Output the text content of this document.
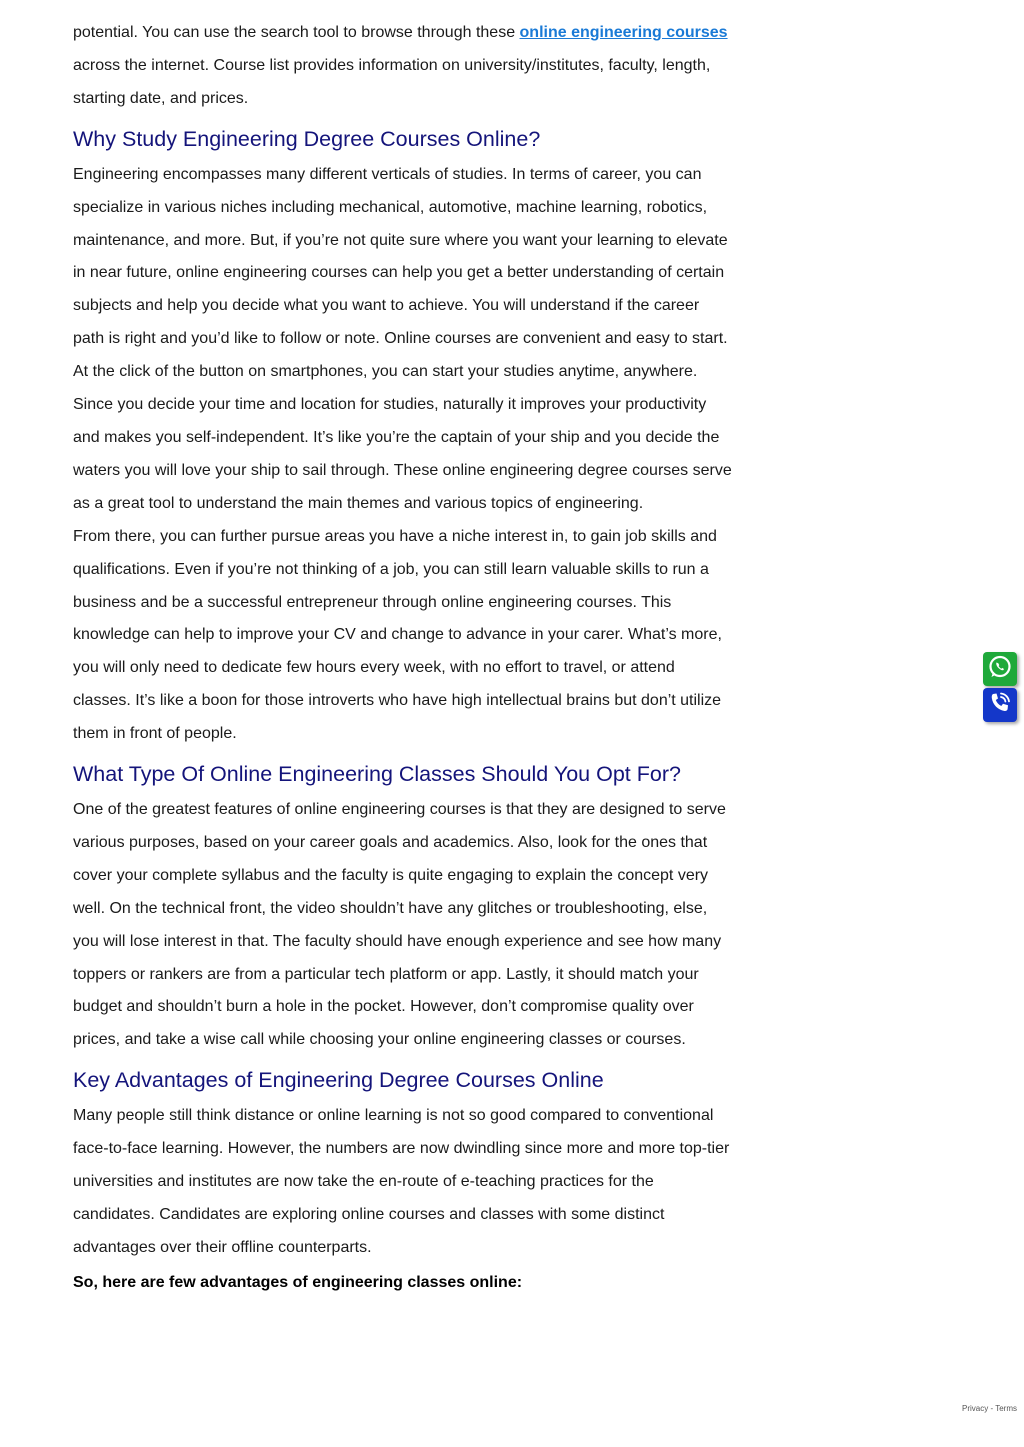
potential. You can use the search tool to browse through these online engineering courses across the internet. Course list provides information on university/institutes, faculty, length, starting date, and prices.

Why Study Engineering Degree Courses Online?

Engineering encompasses many different verticals of studies. In terms of career, you can specialize in various niches including mechanical, automotive, machine learning, robotics, maintenance, and more. But, if you’re not quite sure where you want your learning to elevate in near future, online engineering courses can help you get a better understanding of certain subjects and help you decide what you want to achieve. You will understand if the career path is right and you’d like to follow or note. Online courses are convenient and easy to start. At the click of the button on smartphones, you can start your studies anytime, anywhere.

Since you decide your time and location for studies, naturally it improves your productivity and makes you self-independent. It’s like you’re the captain of your ship and you decide the waters you will love your ship to sail through. These online engineering degree courses serve as a great tool to understand the main themes and various topics of engineering.

From there, you can further pursue areas you have a niche interest in, to gain job skills and qualifications. Even if you’re not thinking of a job, you can still learn valuable skills to run a business and be a successful entrepreneur through online engineering courses. This knowledge can help to improve your CV and change to advance in your carer. What’s more, you will only need to dedicate few hours every week, with no effort to travel, or attend classes. It’s like a boon for those introverts who have high intellectual brains but don’t utilize them in front of people.

What Type Of Online Engineering Classes Should You Opt For?

One of the greatest features of online engineering courses is that they are designed to serve various purposes, based on your career goals and academics. Also, look for the ones that cover your complete syllabus and the faculty is quite engaging to explain the concept very well. On the technical front, the video shouldn’t have any glitches or troubleshooting, else, you will lose interest in that. The faculty should have enough experience and see how many toppers or rankers are from a particular tech platform or app. Lastly, it should match your budget and shouldn’t burn a hole in the pocket. However, don’t compromise quality over prices, and take a wise call while choosing your online engineering classes or courses.

Key Advantages of Engineering Degree Courses Online

Many people still think distance or online learning is not so good compared to conventional face-to-face learning. However, the numbers are now dwindling since more and more top-tier universities and institutes are now take the en-route of e-teaching practices for the candidates. Candidates are exploring online courses and classes with some distinct advantages over their offline counterparts.

So, here are few advantages of engineering classes online:

Privacy - Terms
